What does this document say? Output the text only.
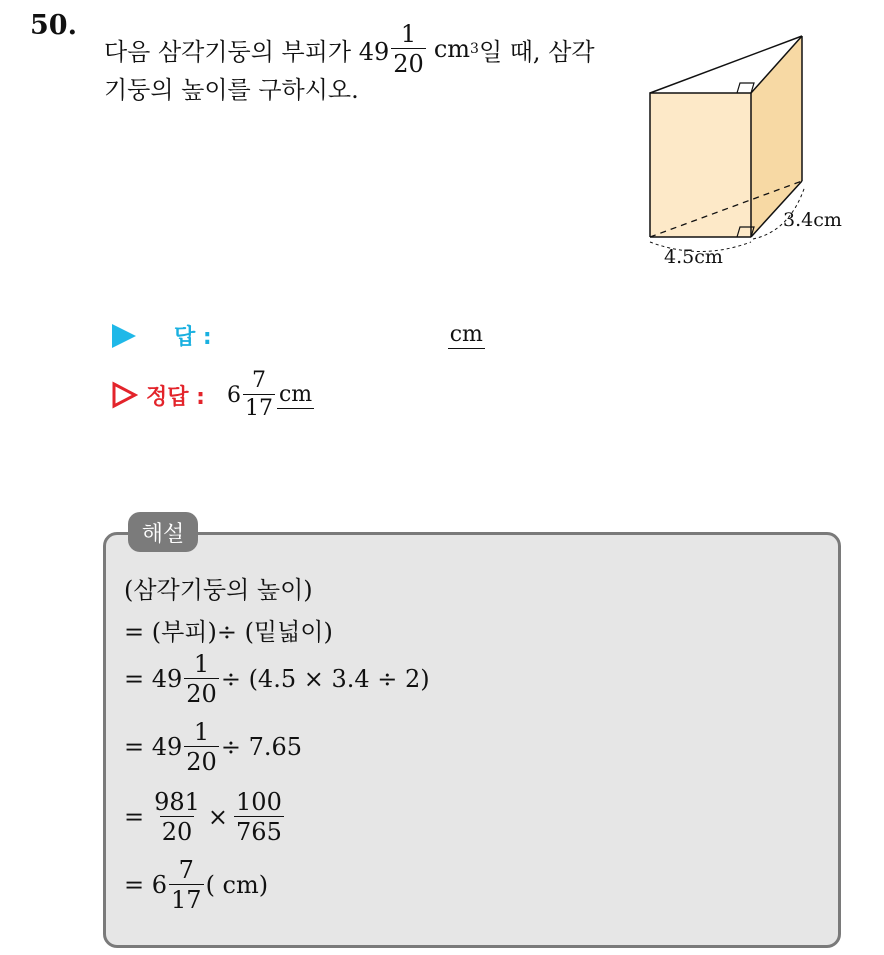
50.
다음 삼각기둥의 부피가 $49 \frac{1}{20}$ cm 3 일 때, 삼각
기둥의 높이를 구하시오.
4.5cm
3.4cm
답 :	cm
정답 : $6 \frac{7}{17}$ cm
해설
(삼각기둥의 높이)
= (부피)÷ (밑넓이)
= $49 \frac{1}{20} \div (4.5 \times 3.4 \div 2)$
= $49 \frac{1}{20} \div 7.65$
= $\frac{981}{20} \times \frac{100}{765}$
= $6 \frac{7}{17}$ ( cm)
